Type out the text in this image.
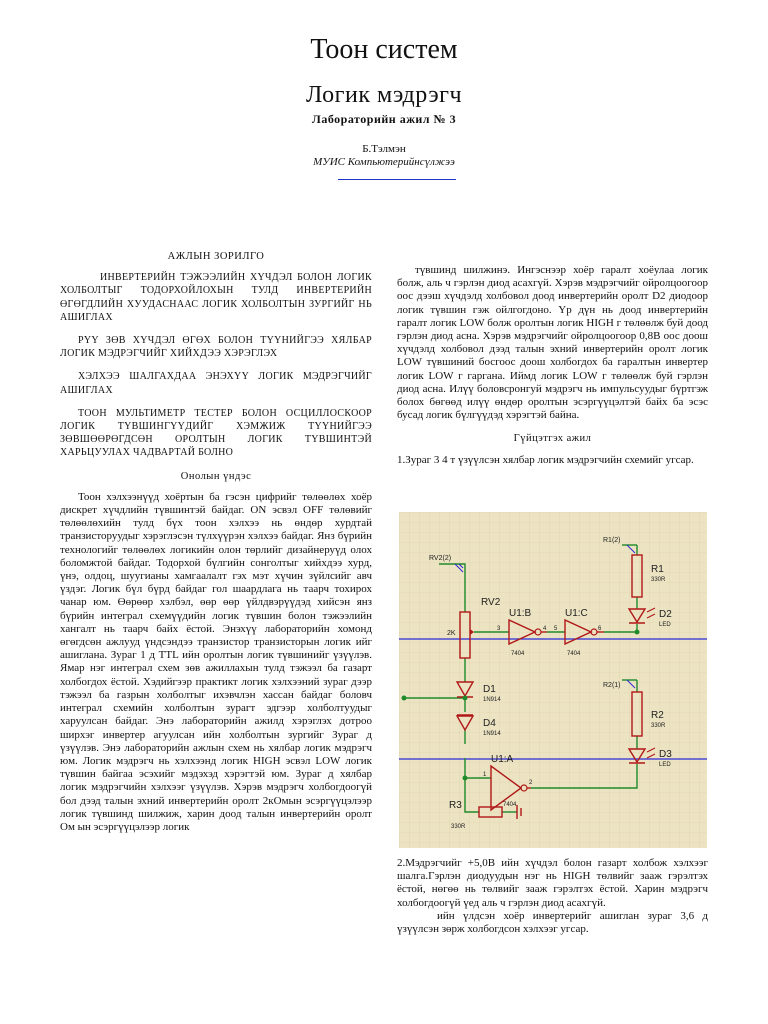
Тоон систем
Логик мэдрэгч
Лабораторийн ажил № 3
Б.Тэлмэн
МУИС Компьютерийнсүлжээ

АЖЛЫН ЗОРИЛГО

ИНВЕРТЕРИЙН ТЭЖЭЭЛИЙН ХҮЧДЭЛ БОЛОН ЛОГИК ХОЛБОЛТЫГ ТОДОРХОЙЛОХЫН ТУЛД ИНВЕРТЕРИЙН ӨГӨГДЛИЙН ХУУДАСНААС ЛОГИК ХОЛБОЛТЫН ЗУРГИЙГ НЬ АШИГЛАХ

РҮҮ ЗӨВ ХҮЧДЭЛ ӨГӨХ БОЛОН ТҮҮНИЙГЭЭ ХЯЛБАР ЛОГИК МЭДРЭГЧИЙГ ХИЙХДЭЭ ХЭРЭГЛЭХ

ХЭЛХЭЭ ШАЛГАХДАА ЭНЭХҮҮ ЛОГИК МЭДРЭГЧИЙГ АШИГЛАХ

ТООН МУЛЬТИМЕТР ТЕСТЕР БОЛОН ОСЦИЛЛОСКООР ЛОГИК ТҮВШИНГҮҮДИЙГ ХЭМЖИЖ ТҮҮНИЙГЭЭ ЗӨВШӨӨРӨГДСӨН ОРОЛТЫН ЛОГИК ТҮВШИНТЭЙ ХАРЬЦУУЛАХ ЧАДВАРТАЙ БОЛНО

Онолын үндэс

Тоон хэлхээнүүд хоёртын ба гэсэн цифрийг төлөөлөх хоёр дискрет хүчдлийн түвшинтэй байдаг. ON эсвэл OFF төлөвийг төлөөлөхийн тулд бүх тоон хэлхээ нь өндөр хурдтай транзисторуудыг хэрэглэсэн түлхүүрэн хэлхээ байдаг. Янз бүрийн технологийг төлөөлөх логикийн олон төрлийг дизайнеруүд олох боломжтой байдаг. Тодорхой бүлгийн сонголтыг хийхдээ хурд, үнэ, олдоц, шуугианы хамгаалалт гэх мэт хүчин зүйлсийг авч үздэг. Логик бүл бүрд байдаг гол шаардлага нь таарч тохирох чанар юм. Өөрөөр хэлбэл, өөр өөр үйлдвэрүүдэд хийсэн янз бүрийн интеграл схемүүдийн логик түвшин болон тэжээлийн хангалт нь таарч байх ёстой. Энэхүү лабораторийн хомонд өгөгдсөн ажлууд үндсэндээ транзистор транзисторын логик ийг ашиглана. Зураг 1 д TTL ийн оролтын логик түвшинийг үзүүлэв. Ямар нэг интеграл схем зөв ажиллахын тулд тэжээл ба газарт холбогдох ёстой. Хэдийгээр практикт логик хэлхээний зураг дээр тэжээл ба газрын холболтыг ихэвчлэн хассан байдаг боловч интеграл схемийн холболтын зурагт эдгээр холболтуудыг харуулсан байдаг. Энэ лабораторийн ажилд хэрэглэх дотроо ширхэг инвертер агуулсан ийн холболтын зургийг Зураг д үзүүлэв. Энэ лабораторийн ажлын схем нь хялбар логик мэдрэгч юм. Логик мэдрэгч нь хэлхээнд логик HIGH эсвэл LOW логик түвшин байгаа эсэхийг мэдэхэд хэрэгтэй юм. Зураг д хялбар логик мэдрэгчийн хэлхээг үзүүлэв. Хэрэв мэдрэгч холбогдоогүй бол дээд талын эхний инвертерийн оролт 2кОмын эсэргүүцэлээр логик түвшинд шилжиж, харин доод талын инвертерийн оролт Ом ын эсэргүүцэлээр логик

түвшинд шилжинэ. Ингэснээр хоёр гаралт хоёулаа логик болж, аль ч гэрлэн диод асахгүй. Хэрэв мэдрэгчийг ойролцоогоор оос дээш хүчдэлд холбовол доод инвертерийн оролт D2 диодоор логик түвшин гэж ойлгогдоно. Үр дүн нь доод инвертерийн гаралт логик LOW болж оролтын логик HIGH г төлөөлж буй доод гэрлэн диод асна. Хэрэв мэдрэгчийг ойролцоогоор 0,8В оос доош хүчдэлд холбовол дээд талын эхний инвертерийн оролт логик LOW түвшиний босгоос доош холбогдох ба гаралтын инвертер логик LOW г гаргана. Иймд логик LOW г төлөөлж буй гэрлэн диод асна. Илүү боловсронгуй мэдрэгч нь импульсуудыг бүртгэж болох бөгөөд илүү өндөр оролтын эсэргүүцэлтэй байх ба эсэс бусад логик бүлгүүдэд хэрэгтэй байна.

Гүйцэтгэх ажил

1.Зураг 3 4 т үзүүлсэн хялбар логик мэдрэгчийн схемийг угсар.

RV2(2)
R1(2)
R2(1)
RV2
2K
U1:B	U1:C
7404	7404
3	4 5	6
R1
330R
D2
LED
D1
1N914
D4
1N914
R2
330R
D3
LED
U1:A
7404
1
2
R3
330R

2.Мэдрэгчийг +5,0В ийн хүчдэл болон газарт холбож хэлхээг шалга.Гэрлэн диодуудын нэг нь HIGH төлвийг зааж гэрэлтэх ёстой, нөгөө нь төлвийг зааж гэрэлтэх ёстой. Харин мэдрэгч холбогдоогүй үед аль ч гэрлэн диод асахгүй.

ийн үлдсэн хоёр инвертерийг ашиглан зураг 3,6 д үзүүлсэн зөрж холбогдсон хэлхээг угсар.
